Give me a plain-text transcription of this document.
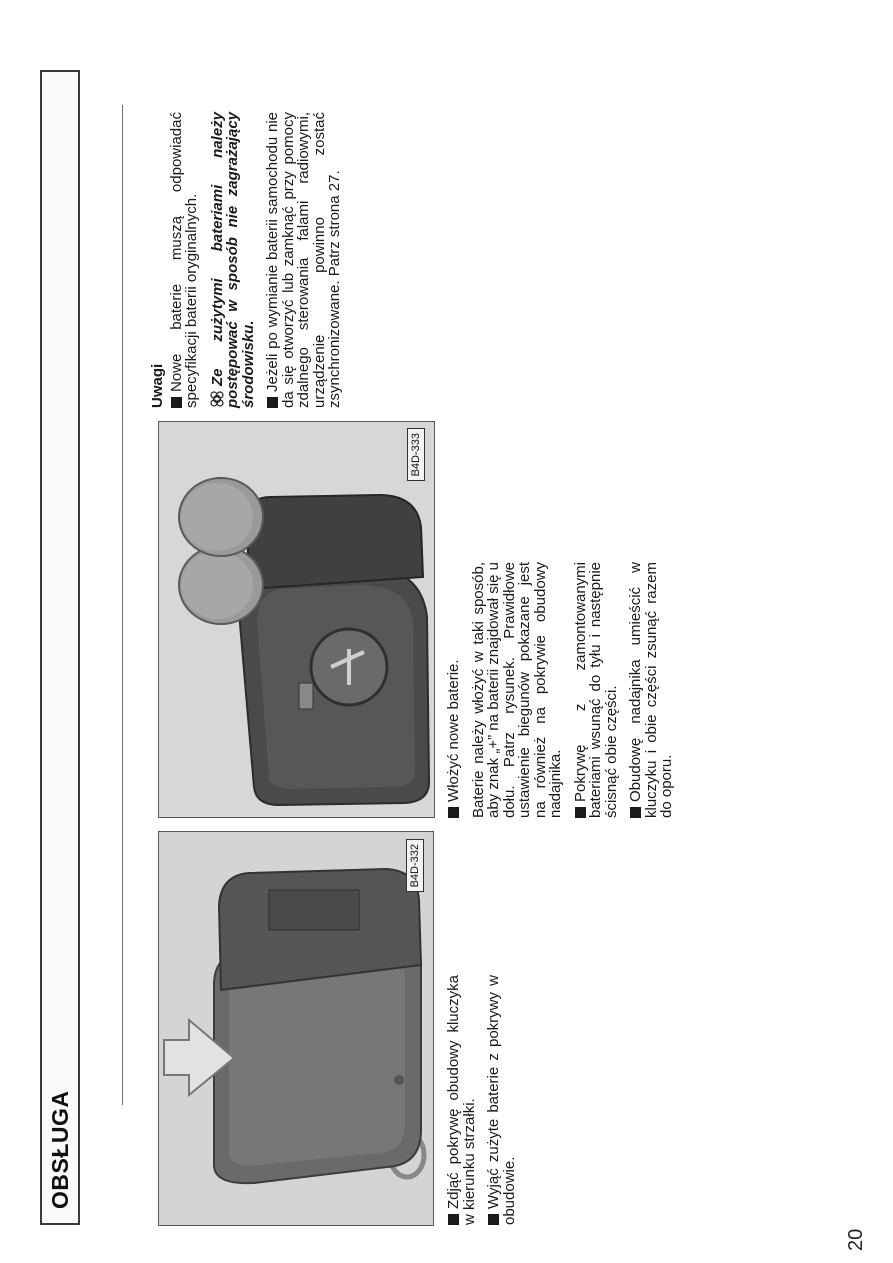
OBSŁUGA
B4D-332
B4D-333

Zdjąć pokrywę obudowy kluczyka w kierunku strzałki. Wyjąć zużyte baterie z pokrywy w obudowie.

Włożyć nowe baterie. Baterie należy włożyć w taki sposób, aby znak „+” na baterii znajdował się u dołu. Patrz rysunek. Prawidłowe ustawienie biegunów pokazane jest na również na pokrywie obudowy nadajnika. Pokrywę z zamontowanymi bateriami wsunąć do tyłu i następnie ścisnąć obie części. Obudowę nadajnika umieścić w kluczyku i obie części zsunąć razem do oporu.

Uwagi Nowe baterie muszą odpowiadać specyfikacji baterii oryginalnych. Ze zużytymi bateriami należy postępować w sposób nie zagrażający środowisku. Jeżeli po wymianie baterii samochodu nie da się otworzyć lub zamknąć przy pomocy zdalnego sterowania falami radiowymi, urządzenie powinno zostać zsynchronizowane. Patrz strona 27.

20
